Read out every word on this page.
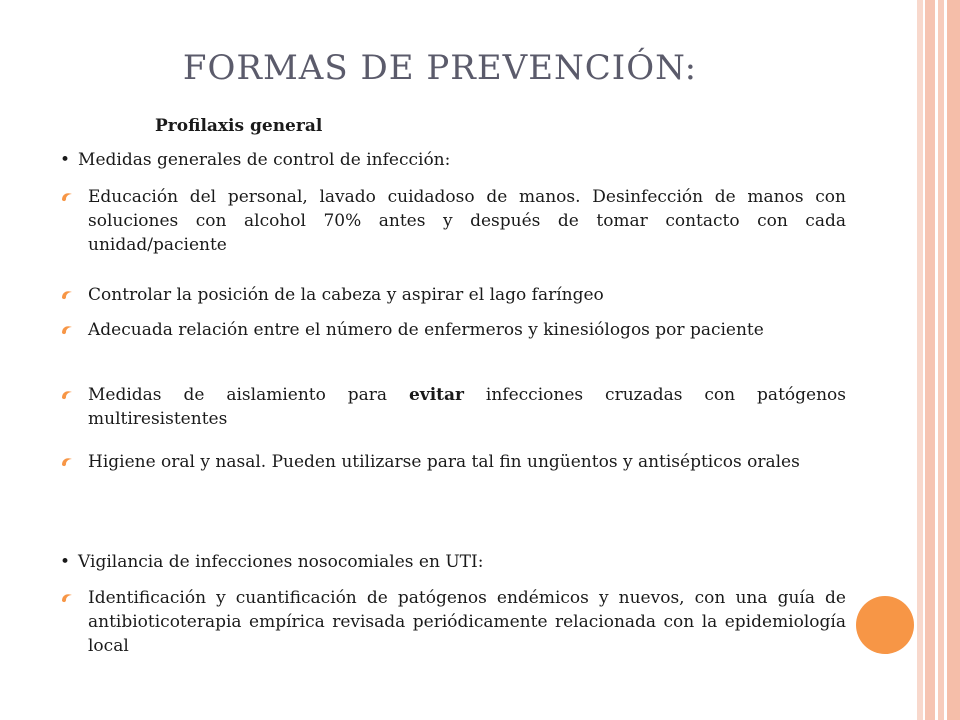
FORMAS DE PREVENCIÓN:
Profilaxis general
• Medidas generales de control de infección:
Educación del personal, lavado cuidadoso de manos. Desinfección de manos con soluciones con alcohol 70% antes y después de tomar contacto con cada unidad/paciente
Controlar la posición de la cabeza y aspirar el lago faríngeo
Adecuada relación entre el número de enfermeros y kinesiólogos por paciente
Medidas de aislamiento para evitar infecciones cruzadas con patógenos multiresistentes
Higiene oral y nasal. Pueden utilizarse para tal fin ungüentos y antisépticos orales
• Vigilancia de infecciones nosocomiales en UTI:
Identificación y cuantificación de patógenos endémicos y nuevos, con una guía de antibioticoterapia empírica revisada periódicamente relacionada con la epidemiología local
